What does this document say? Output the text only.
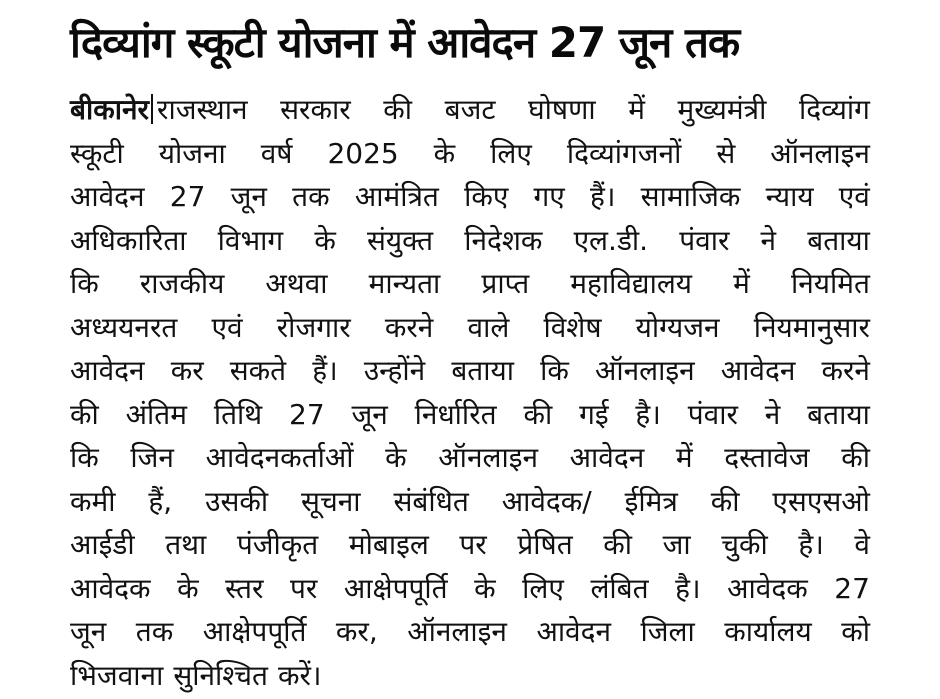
दिव्यांग स्कूटी योजना में आवेदन 27 जून तक
बीकानेर राजस्थान सरकार की बजट घोषणा में मुख्यमंत्री दिव्यांग
स्कूटी योजना वर्ष 2025 के लिए दिव्यांगजनों से ऑनलाइन
आवेदन 27 जून तक आमंत्रित किए गए हैं। सामाजिक न्याय एवं
अधिकारिता विभाग के संयुक्त निदेशक एल.डी. पंवार ने बताया
कि राजकीय अथवा मान्यता प्राप्त महाविद्यालय में नियमित
अध्ययनरत एवं रोजगार करने वाले विशेष योग्यजन नियमानुसार
आवेदन कर सकते हैं। उन्होंने बताया कि ऑनलाइन आवेदन करने
की अंतिम तिथि 27 जून निर्धारित की गई है। पंवार ने बताया
कि जिन आवेदनकर्ताओं के ऑनलाइन आवेदन में दस्तावेज की
कमी हैं, उसकी सूचना संबंधित आवेदक/ ईमित्र की एसएसओ
आईडी तथा पंजीकृत मोबाइल पर प्रेषित की जा चुकी है। वे
आवेदक के स्तर पर आक्षेपपूर्ति के लिए लंबित है। आवेदक 27
जून तक आक्षेपपूर्ति कर, ऑनलाइन आवेदन जिला कार्यालय को
भिजवाना सुनिश्चित करें।
